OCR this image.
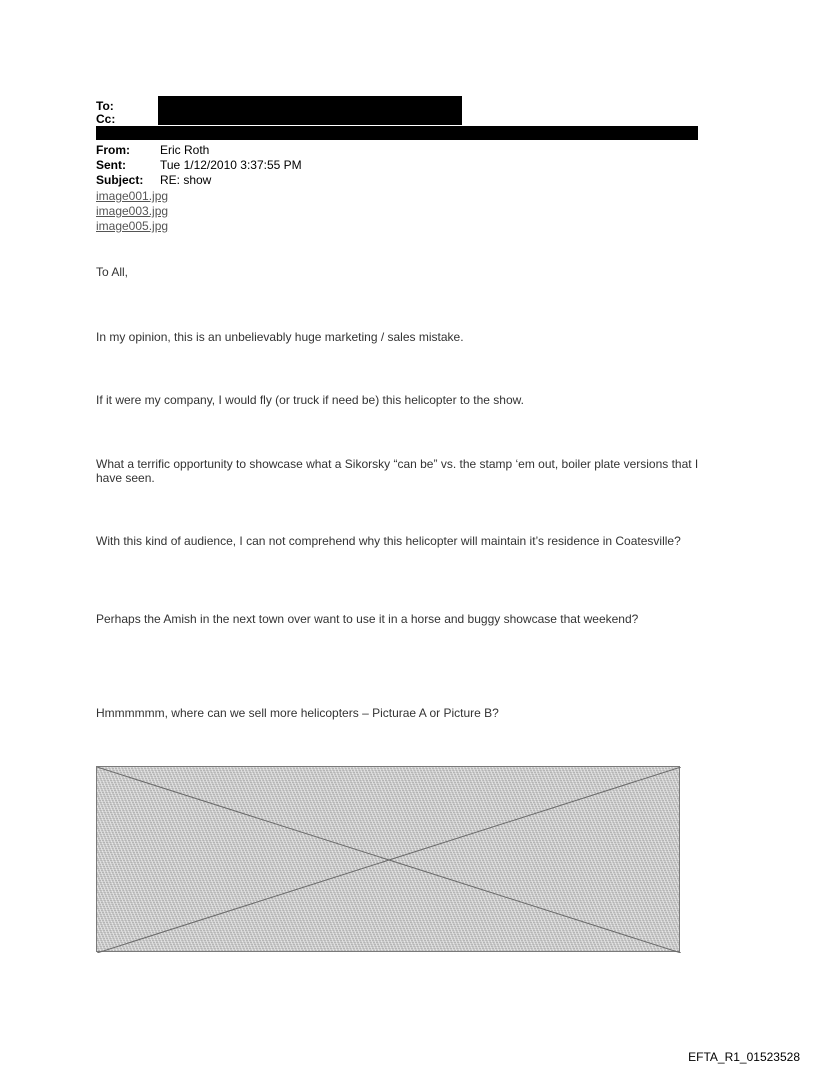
To:
Cc:
From:	Eric Roth
Sent:	Tue 1/12/2010 3:37:55 PM
Subject: RE: show
image001.jpg
image003.jpg
image005.jpg
To All,
In my opinion, this is an unbelievably huge marketing / sales mistake.
If it were my company, I would fly (or truck if need be) this helicopter to the show.
What a terrific opportunity to showcase what a Sikorsky “can be” vs. the stamp ‘em out, boiler plate versions that I have seen.
With this kind of audience, I can not comprehend why this helicopter will maintain it’s residence in Coatesville?
Perhaps the Amish in the next town over want to use it in a horse and buggy showcase that weekend?
Hmmmmmm, where can we sell more helicopters – Picturae A or Picture B?
EFTA_R1_01523528
